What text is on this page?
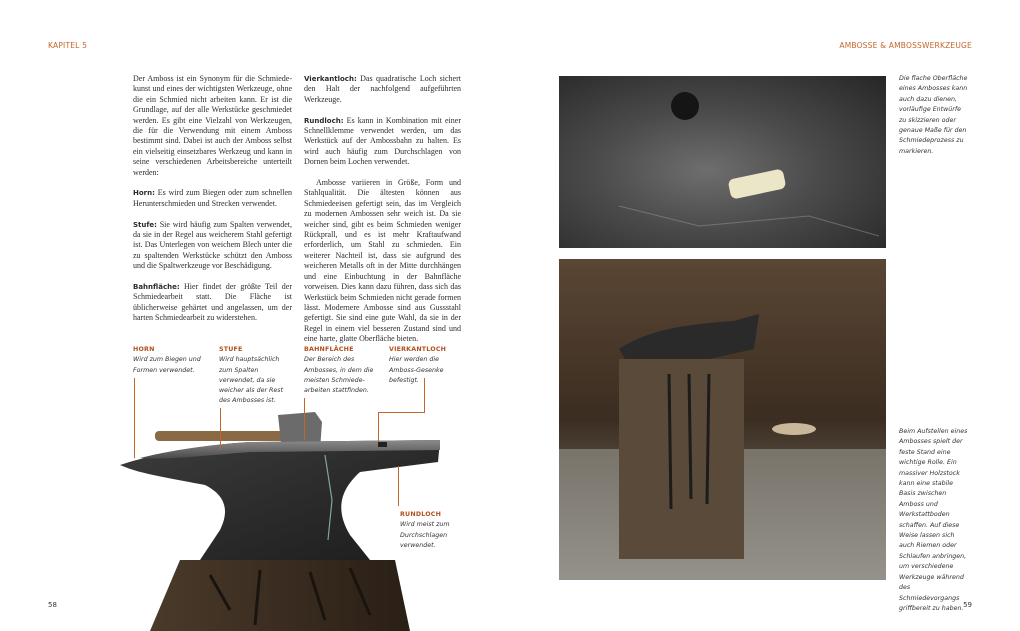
KAPITEL 5

Der Amboss ist ein Synonym für die Schmiedekunst und eines der wichtigsten Werkzeuge, ohne die ein Schmied nicht arbeiten kann. Er ist die Grundlage, auf der alle Werkstücke geschmiedet werden. Es gibt eine Vielzahl von Werkzeugen, die für die Verwendung mit einem Amboss bestimmt sind. Dabei ist auch der Amboss selbst ein vielseitig einsetzbares Werkzeug und kann in seine verschiedenen Arbeitsbereiche unterteilt werden:

Horn: Es wird zum Biegen oder zum schnellen Herunterschmieden und Strecken verwendet.

Stufe: Sie wird häufig zum Spalten verwendet, da sie in der Regel aus weicherem Stahl gefertigt ist. Das Unterlegen von weichem Blech unter die zu spaltenden Werkstücke schützt den Amboss und die Spaltwerkzeuge vor Beschädigung.

Bahnfläche: Hier findet der größte Teil der Schmiedearbeit statt. Die Fläche ist üblicherweise gehärtet und angelassen, um der harten Schmiedearbeit zu widerstehen.

Vierkantloch: Das quadratische Loch sichert den Halt der nachfolgend aufgeführten Werkzeuge.

Rundloch: Es kann in Kombination mit einer Schnellklemme verwendet werden, um das Werkstück auf der Ambossbahn zu halten. Es wird auch häufig zum Durchschlagen von Dornen beim Lochen verwendet.

Ambosse variieren in Größe, Form und Stahlqualität. Die ältesten können aus Schmiedeeisen gefertigt sein, das im Vergleich zu modernen Ambossen sehr weich ist. Da sie weicher sind, gibt es beim Schmieden weniger Rückprall, und es ist mehr Kraftaufwand erforderlich, um Stahl zu schmieden. Ein weiterer Nachteil ist, dass sie aufgrund des weicheren Metalls oft in der Mitte durchhängen und eine Einbuchtung in der Bahnfläche vorweisen. Dies kann dazu führen, dass sich das Werkstück beim Schmieden nicht gerade formen lässt. Modernere Ambosse sind aus Gussstahl gefertigt. Sie sind eine gute Wahl, da sie in der Regel in einem viel besseren Zustand sind und eine harte, glatte Oberfläche bieten.

HORN
Wird zum Biegen und Formen verwendet.
STUFE
Wird hauptsächlich zum Spalten verwendet, da sie weicher als der Rest des Ambosses ist.
BAHNFLÄCHE
Der Bereich des Ambosses, in dem die meisten Schmiedearbeiten stattfinden.
VIERKANTLOCH
Hier werden die Amboss-Gesenke befestigt.
RUNDLOCH
Wird meist zum Durchschlagen verwendet.
58
AMBOSSE & AMBOSSWERKZEUGE
Die flache Oberfläche eines Ambosses kann auch dazu dienen, vorläufige Entwürfe zu skizzieren oder genaue Maße für den Schmiedeprozess zu markieren.
Beim Aufstellen eines Ambosses spielt der feste Stand eine wichtige Rolle. Ein massiver Holzstock kann eine stabile Basis zwischen Amboss und Werkstattboden schaffen. Auf diese Weise lassen sich auch Riemen oder Schlaufen anbringen, um verschiedene Werkzeuge während des Schmiedevorgangs griffbereit zu haben. 59
